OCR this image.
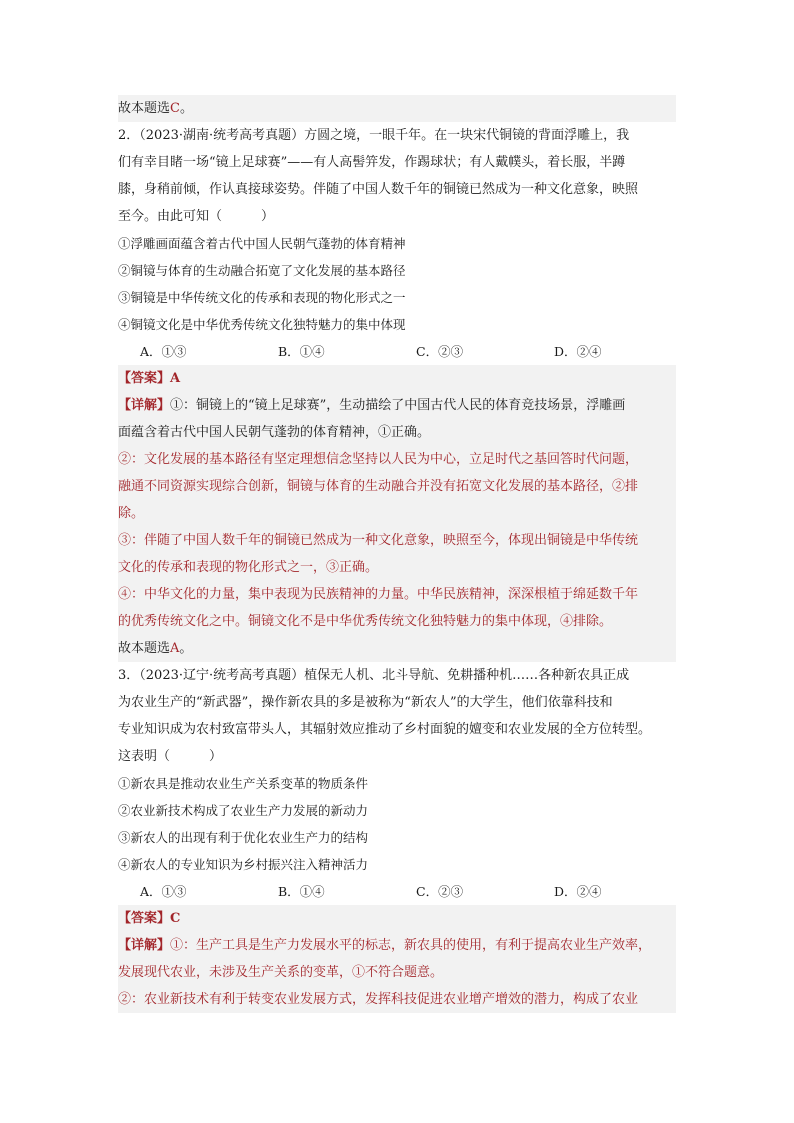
故本题选C。
2．（2023·湖南·统考高考真题）方圆之境，一眼千年。在一块宋代铜镜的背面浮雕上，我
们有幸目睹一场“镜上足球赛”——有人高髻笄发，作踢球状；有人戴幞头，着长服，半蹲
膝，身稍前倾，作认真接球姿势。伴随了中国人数千年的铜镜已然成为一种文化意象，映照
至今。由此可知（　　　）
①浮雕画面蕴含着古代中国人民朝气蓬勃的体育精神
②铜镜与体育的生动融合拓宽了文化发展的基本路径
③铜镜是中华传统文化的传承和表现的物化形式之一
④铜镜文化是中华优秀传统文化独特魅力的集中体现
A．①③	B．①④	C．②③	D．②④
【答案】A
【详解】①：铜镜上的“镜上足球赛”，生动描绘了中国古代人民的体育竞技场景，浮雕画
面蕴含着古代中国人民朝气蓬勃的体育精神，①正确。
②：文化发展的基本路径有坚定理想信念坚持以人民为中心，立足时代之基回答时代问题，
融通不同资源实现综合创新，铜镜与体育的生动融合并没有拓宽文化发展的基本路径，②排
除。
③：伴随了中国人数千年的铜镜已然成为一种文化意象，映照至今，体现出铜镜是中华传统
文化的传承和表现的物化形式之一，③正确。
④：中华文化的力量，集中表现为民族精神的力量。中华民族精神，深深根植于绵延数千年
的优秀传统文化之中。铜镜文化不是中华优秀传统文化独特魅力的集中体现，④排除。
故本题选A。
3．（2023·辽宁·统考高考真题）植保无人机、北斗导航、免耕播种机……各种新农具正成
为农业生产的“新武器”，操作新农具的多是被称为“新农人”的大学生，他们依靠科技和
专业知识成为农村致富带头人，其辐射效应推动了乡村面貌的嬗变和农业发展的全方位转型。
这表明（　　　）
①新农具是推动农业生产关系变革的物质条件
②农业新技术构成了农业生产力发展的新动力
③新农人的出现有利于优化农业生产力的结构
④新农人的专业知识为乡村振兴注入精神活力
A．①③	B．①④	C．②③	D．②④
【答案】C
【详解】①：生产工具是生产力发展水平的标志，新农具的使用，有利于提高农业生产效率，
发展现代农业，未涉及生产关系的变革，①不符合题意。
②：农业新技术有利于转变农业发展方式，发挥科技促进农业增产增效的潜力，构成了农业
